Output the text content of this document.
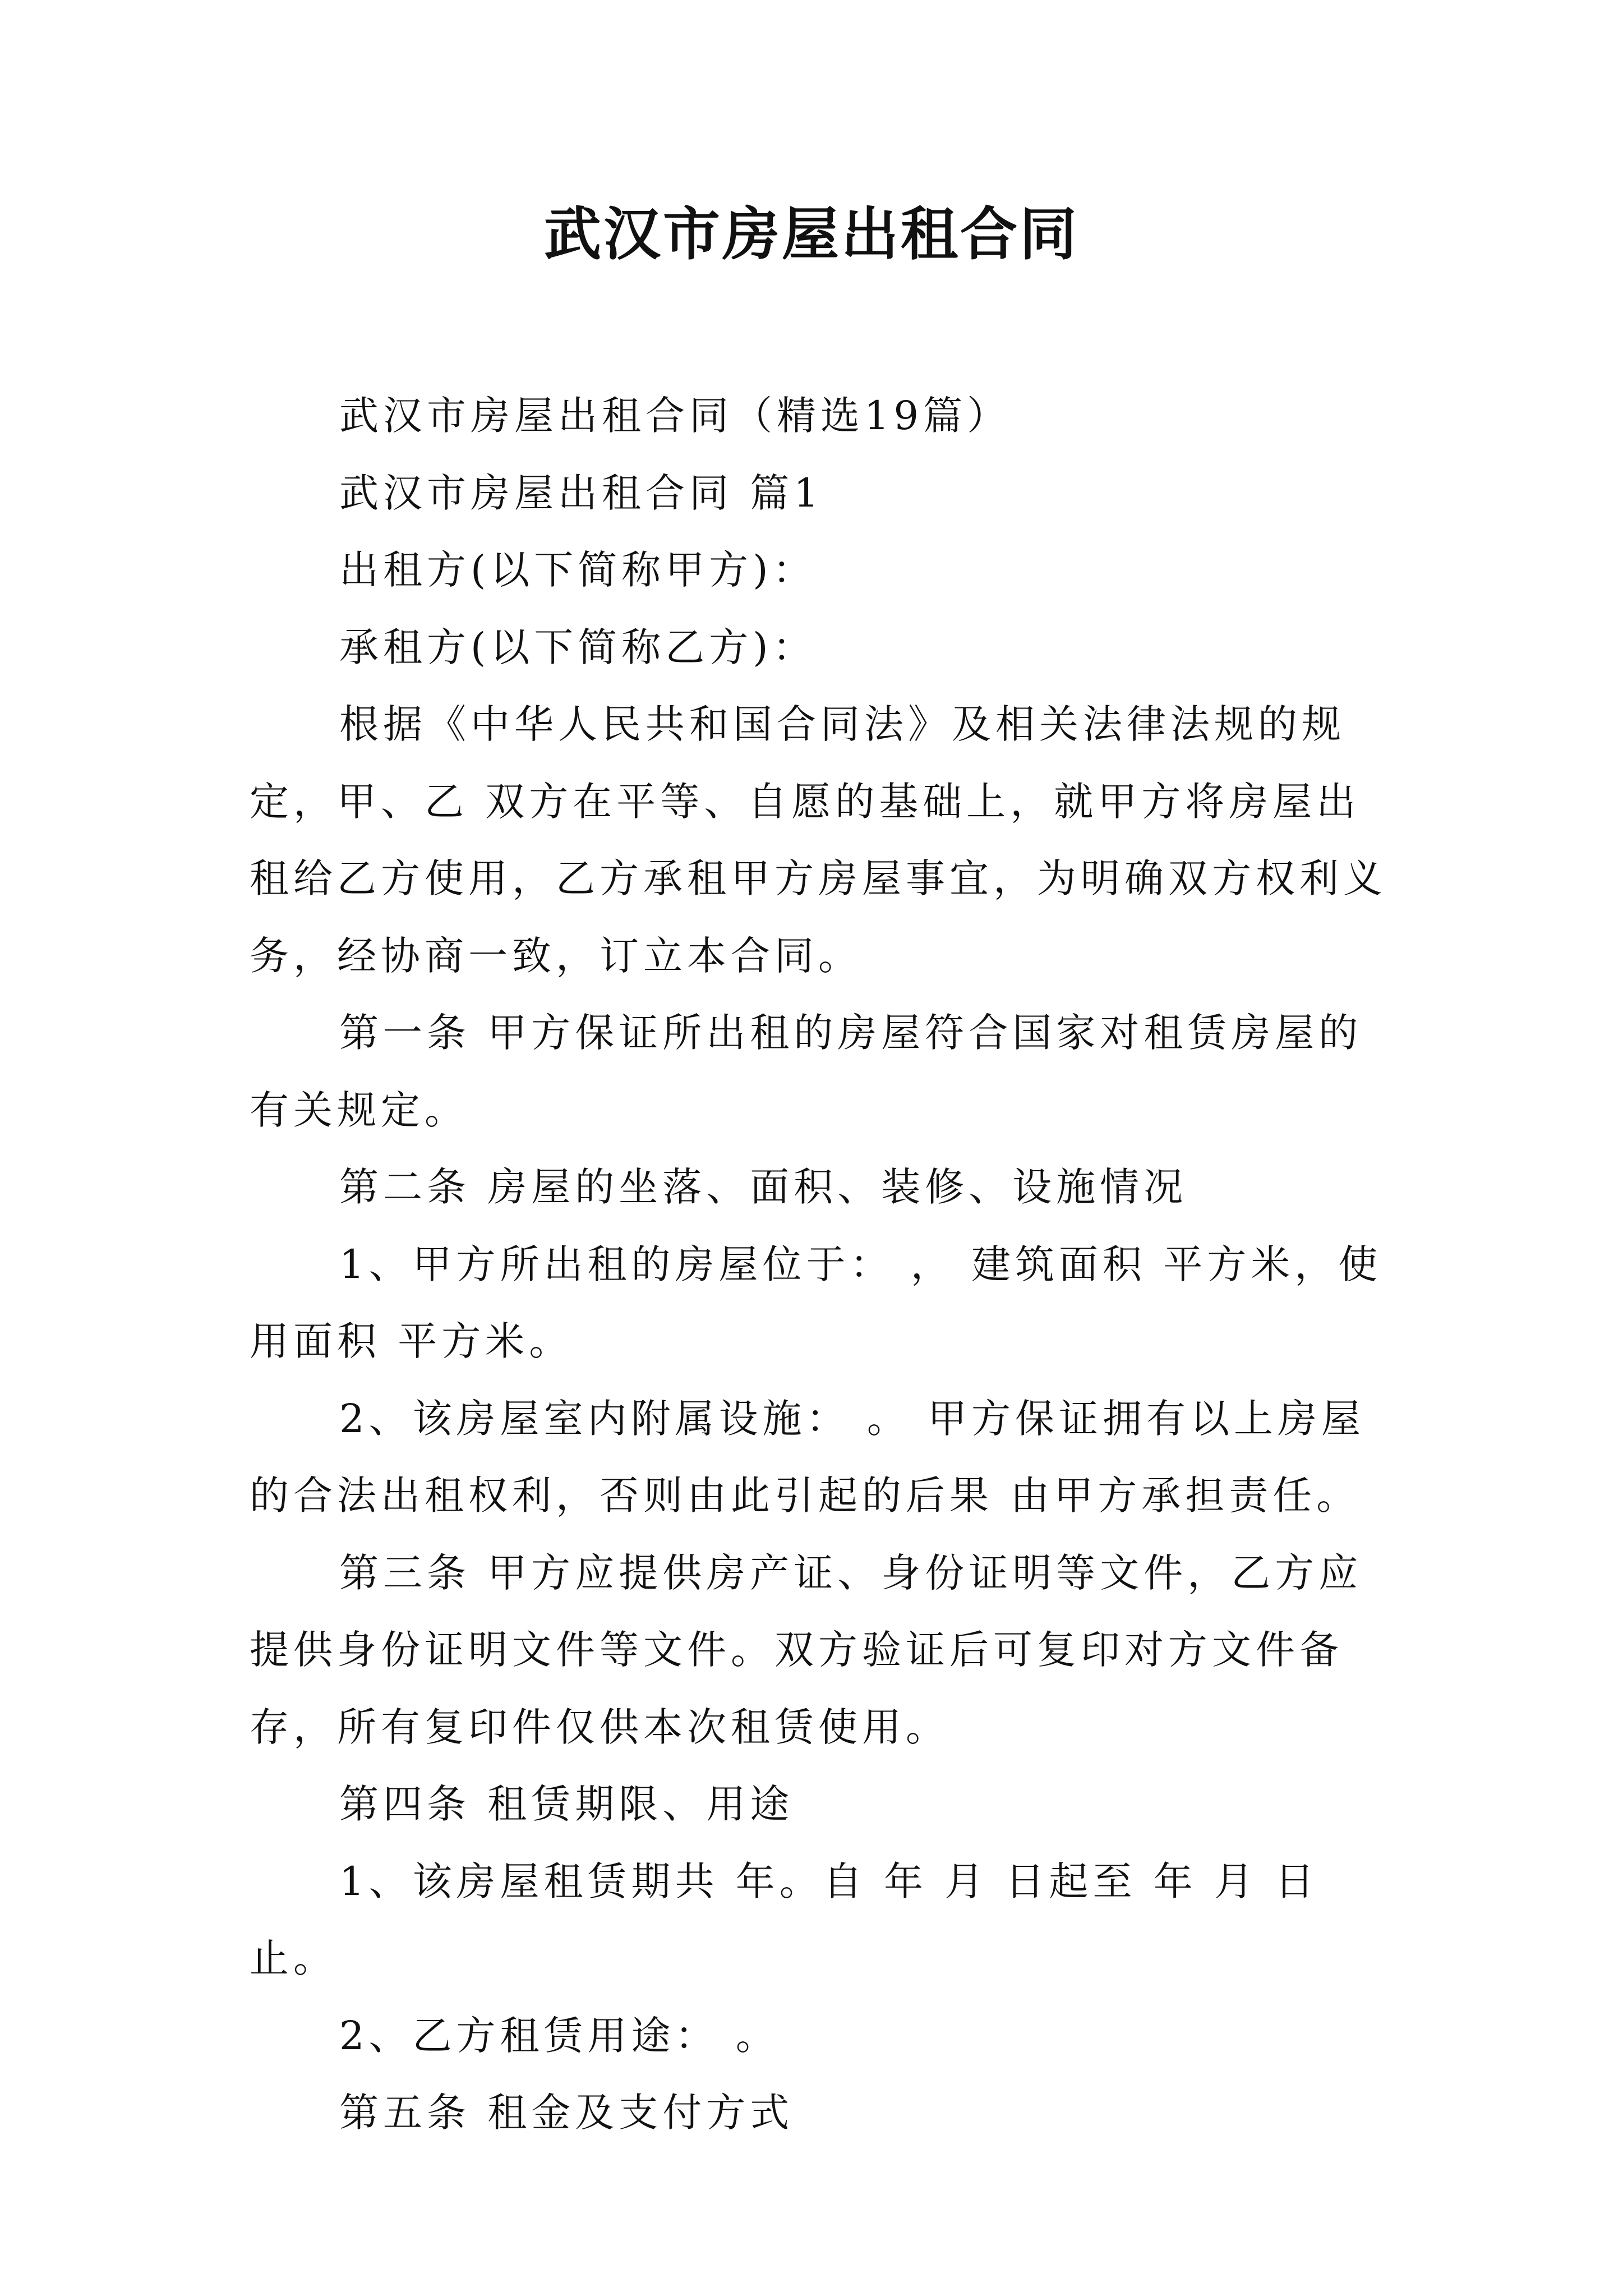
武汉市房屋出租合同

武汉市房屋出租合同（精选19篇）

武汉市房屋出租合同 篇1

出租方(以下简称甲方)：

承租方(以下简称乙方)：

根据《中华人民共和国合同法》及相关法律法规的规定，甲、乙 双方在平等、自愿的基础上，就甲方将房屋出租给乙方使用，乙方承租甲方房屋事宜，为明确双方权利义务，经协商一致，订立本合同。

第一条 甲方保证所出租的房屋符合国家对租赁房屋的有关规定。

第二条 房屋的坐落、面积、装修、设施情况

1、甲方所出租的房屋位于： ， 建筑面积 平方米，使用面积 平方米。

2、该房屋室内附属设施： 。 甲方保证拥有以上房屋的合法出租权利，否则由此引起的后果 由甲方承担责任。

第三条 甲方应提供房产证、身份证明等文件，乙方应提供身份证明文件等文件。双方验证后可复印对方文件备存，所有复印件仅供本次租赁使用。

第四条 租赁期限、用途

1、该房屋租赁期共 年。自 年 月 日起至 年 月 日止。

2、乙方租赁用途： 。

第五条 租金及支付方式
